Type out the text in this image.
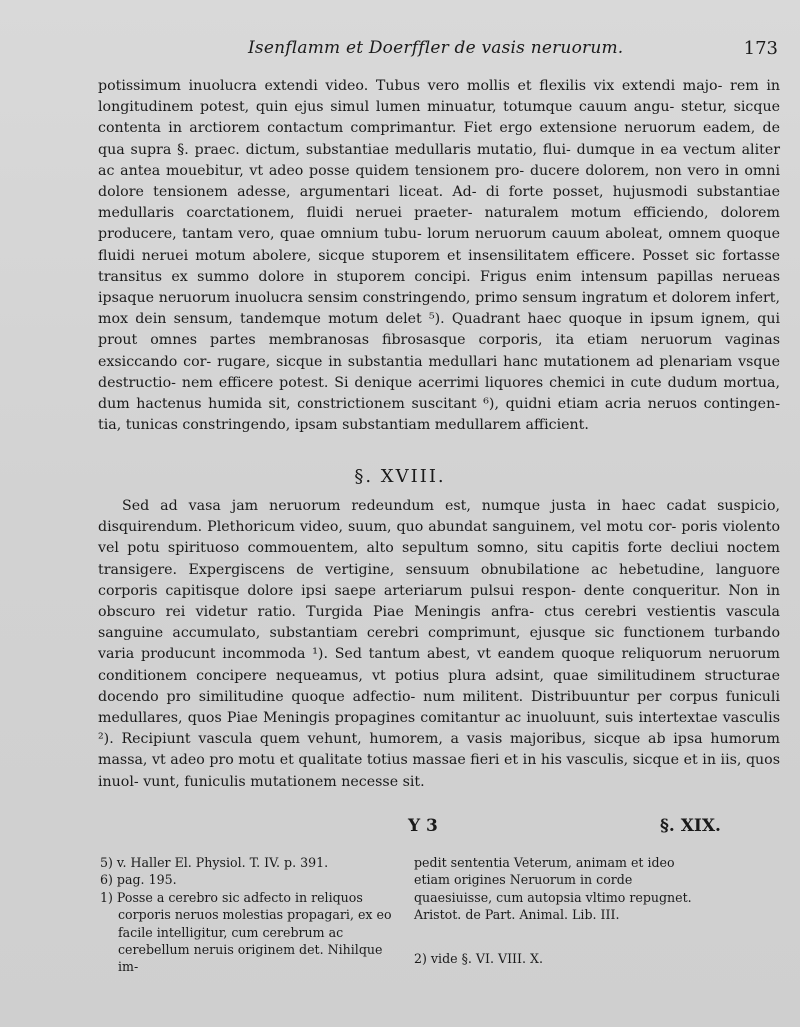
Isenflamm et Doerffler de vasis neruorum.	173

potissimum inuolucra extendi video. Tubus vero mollis et flexilis vix extendi majo- rem in longitudinem potest, quin ejus simul lumen minuatur, totumque cauum angu- stetur, sicque contenta in arctiorem contactum comprimantur. Fiet ergo extensione neruorum eadem, de qua supra §. praec. dictum, substantiae medullaris mutatio, flui- dumque in ea vectum aliter ac antea mouebitur, vt adeo posse quidem tensionem pro- ducere dolorem, non vero in omni dolore tensionem adesse, argumentari liceat. Ad- di forte posset, hujusmodi substantiae medullaris coarctationem, fluidi neruei praeter- naturalem motum efficiendo, dolorem producere, tantam vero, quae omnium tubu- lorum neruorum cauum aboleat, omnem quoque fluidi neruei motum abolere, sicque stuporem et insensilitatem efficere. Posset sic fortasse transitus ex summo dolore in stuporem concipi. Frigus enim intensum papillas nerueas ipsaque neruorum inuolucra sensim constringendo, primo sensum ingratum et dolorem infert, mox dein sensum, tandemque motum delet ⁵). Quadrant haec quoque in ipsum ignem, qui prout omnes partes membranosas fibrosasque corporis, ita etiam neruorum vaginas exsiccando cor- rugare, sicque in substantia medullari hanc mutationem ad plenariam vsque destructio- nem efficere potest. Si denique acerrimi liquores chemici in cute dudum mortua, dum hactenus humida sit, constrictionem suscitant ⁶), quidni etiam acria neruos contingen- tia, tunicas constringendo, ipsam substantiam medullarem afficient.

§. XVIII.

Sed ad vasa jam neruorum redeundum est, numque justa in haec cadat suspicio, disquirendum. Plethoricum video, suum, quo abundat sanguinem, vel motu cor- poris violento vel potu spirituoso commouentem, alto sepultum somno, situ capitis forte decliui noctem transigere. Expergiscens de vertigine, sensuum obnubilatione ac hebetudine, languore corporis capitisque dolore ipsi saepe arteriarum pulsui respon- dente conqueritur. Non in obscuro rei videtur ratio. Turgida Piae Meningis anfra- ctus cerebri vestientis vascula sanguine accumulato, substantiam cerebri comprimunt, ejusque sic functionem turbando varia producunt incommoda ¹). Sed tantum abest, vt eandem quoque reliquorum neruorum conditionem concipere nequeamus, vt potius plura adsint, quae similitudinem structurae docendo pro similitudine quoque adfectio- num militent. Distribuuntur per corpus funiculi medullares, quos Piae Meningis propagines comitantur ac inuoluunt, suis intertextae vasculis ²). Recipiunt vascula quem vehunt, humorem, a vasis majoribus, sicque ab ipsa humorum massa, vt adeo pro motu et qualitate totius massae fieri et in his vasculis, sicque et in iis, quos inuol- vunt, funiculis mutationem necesse sit.

Y 3	§. XIX.

5) v. Haller El. Physiol. T. IV. p. 391.

6) pag. 195.

1) Posse a cerebro sic adfecto in reliquos corporis neruos molestias propagari, ex eo facile intelligitur, cum cerebrum ac cerebellum neruis originem det. Nihilque im-

pedit sententia Veterum, animam et ideo etiam origines Neruorum in corde quaesiuisse, cum autopsia vltimo repugnet. Aristot. de Part. Animal. Lib. III.

2) vide §. VI. VIII. X.
